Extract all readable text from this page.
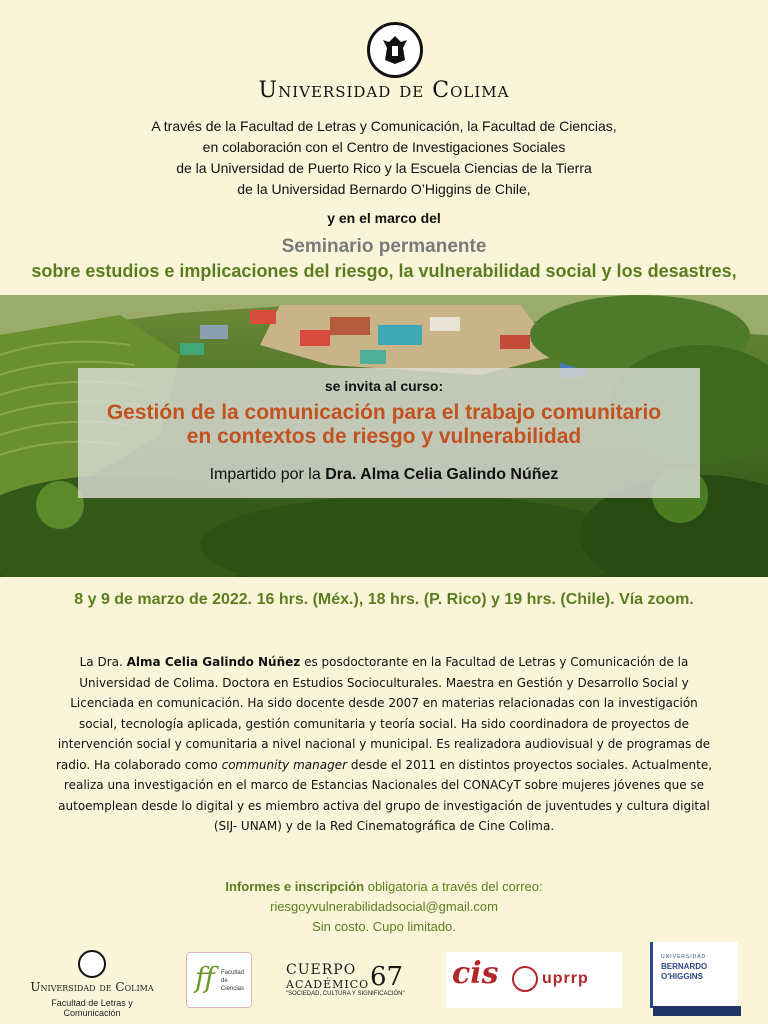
Universidad de Colima
A través de la Facultad de Letras y Comunicación, la Facultad de Ciencias,
en colaboración con el Centro de Investigaciones Sociales
de la Universidad de Puerto Rico y la Escuela Ciencias de la Tierra
de la Universidad Bernardo O’Higgins de Chile,
y en el marco del
Seminario permanente
sobre estudios e implicaciones del riesgo, la vulnerabilidad social y los desastres,
se invita al curso:
Gestión de la comunicación para el trabajo comunitario
en contextos de riesgo y vulnerabilidad
Impartido por la Dra. Alma Celia Galindo Núñez
8 y 9 de marzo de 2022. 16 hrs. (Méx.), 18 hrs. (P. Rico) y 19 hrs. (Chile). Vía zoom.
La Dra. Alma Celia Galindo Núñez es posdoctorante en la Facultad de Letras y Comunicación de la Universidad de Colima. Doctora en Estudios Socioculturales. Maestra en Gestión y Desarrollo Social y Licenciada en comunicación. Ha sido docente desde 2007 en materias relacionadas con la investigación social, tecnología aplicada, gestión comunitaria y teoría social. Ha sido coordinadora de proyectos de intervención social y comunitaria a nivel nacional y municipal. Es realizadora audiovisual y de programas de radio. Ha colaborado como community manager desde el 2011 en distintos proyectos sociales. Actualmente, realiza una investigación en el marco de Estancias Nacionales del CONACyT sobre mujeres jóvenes que se autoemplean desde lo digital y es miembro activa del grupo de investigación de juventudes y cultura digital (SIJ- UNAM) y de la Red Cinematográfica de Cine Colima.
Informes e inscripción obligatoria a través del correo:
riesgoyvulnerabilidadsocial@gmail.com
Sin costo. Cupo limitado.
Universidad de Colima
Facultad de Letras y Comunicación
ff Facultad de Ciencias
CUERPO
ACADÉMICO
"SOCIEDAD, CULTURA Y SIGNIFICACIÓN"
67 cis	uprrp
UNIVERSIDAD
BERNARDO
O'HIGGINS
